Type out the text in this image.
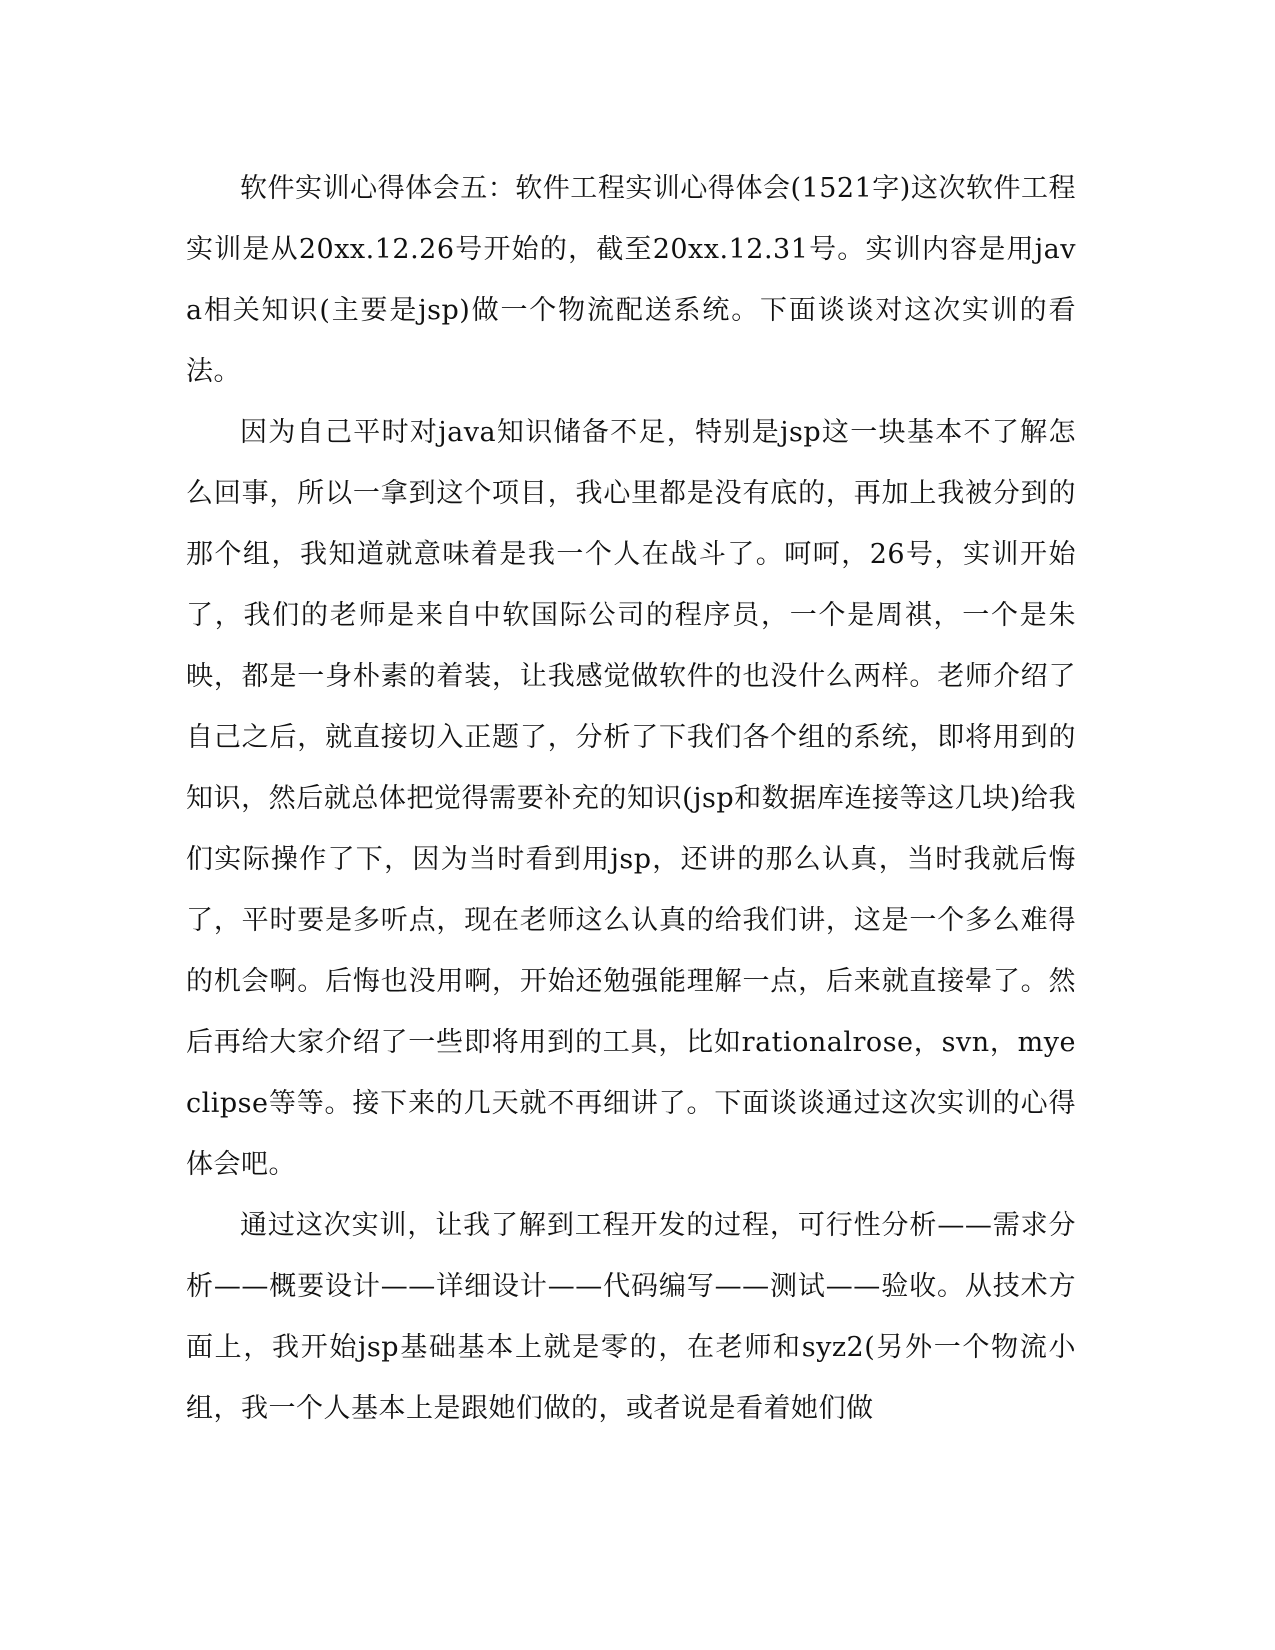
软件实训心得体会五：软件工程实训心得体会(1521字)这次软件工程实训是从20xx.12.26号开始的，截至20xx.12.31号。实训内容是用java相关知识(主要是jsp)做一个物流配送系统。下面谈谈对这次实训的看法。

因为自己平时对java知识储备不足，特别是jsp这一块基本不了解怎么回事，所以一拿到这个项目，我心里都是没有底的，再加上我被分到的那个组，我知道就意味着是我一个人在战斗了。呵呵，26号，实训开始了，我们的老师是来自中软国际公司的程序员，一个是周祺，一个是朱映，都是一身朴素的着装，让我感觉做软件的也没什么两样。老师介绍了自己之后，就直接切入正题了，分析了下我们各个组的系统，即将用到的知识，然后就总体把觉得需要补充的知识(jsp和数据库连接等这几块)给我们实际操作了下，因为当时看到用jsp，还讲的那么认真，当时我就后悔了，平时要是多听点，现在老师这么认真的给我们讲，这是一个多么难得的机会啊。后悔也没用啊，开始还勉强能理解一点，后来就直接晕了。然后再给大家介绍了一些即将用到的工具，比如rationalrose，svn，myeclipse等等。接下来的几天就不再细讲了。下面谈谈通过这次实训的心得体会吧。

通过这次实训，让我了解到工程开发的过程，可行性分析——需求分析——概要设计——详细设计——代码编写——测试——验收。从技术方面上，我开始jsp基础基本上就是零的，在老师和syz2(另外一个物流小组，我一个人基本上是跟她们做的，或者说是看着她们做
